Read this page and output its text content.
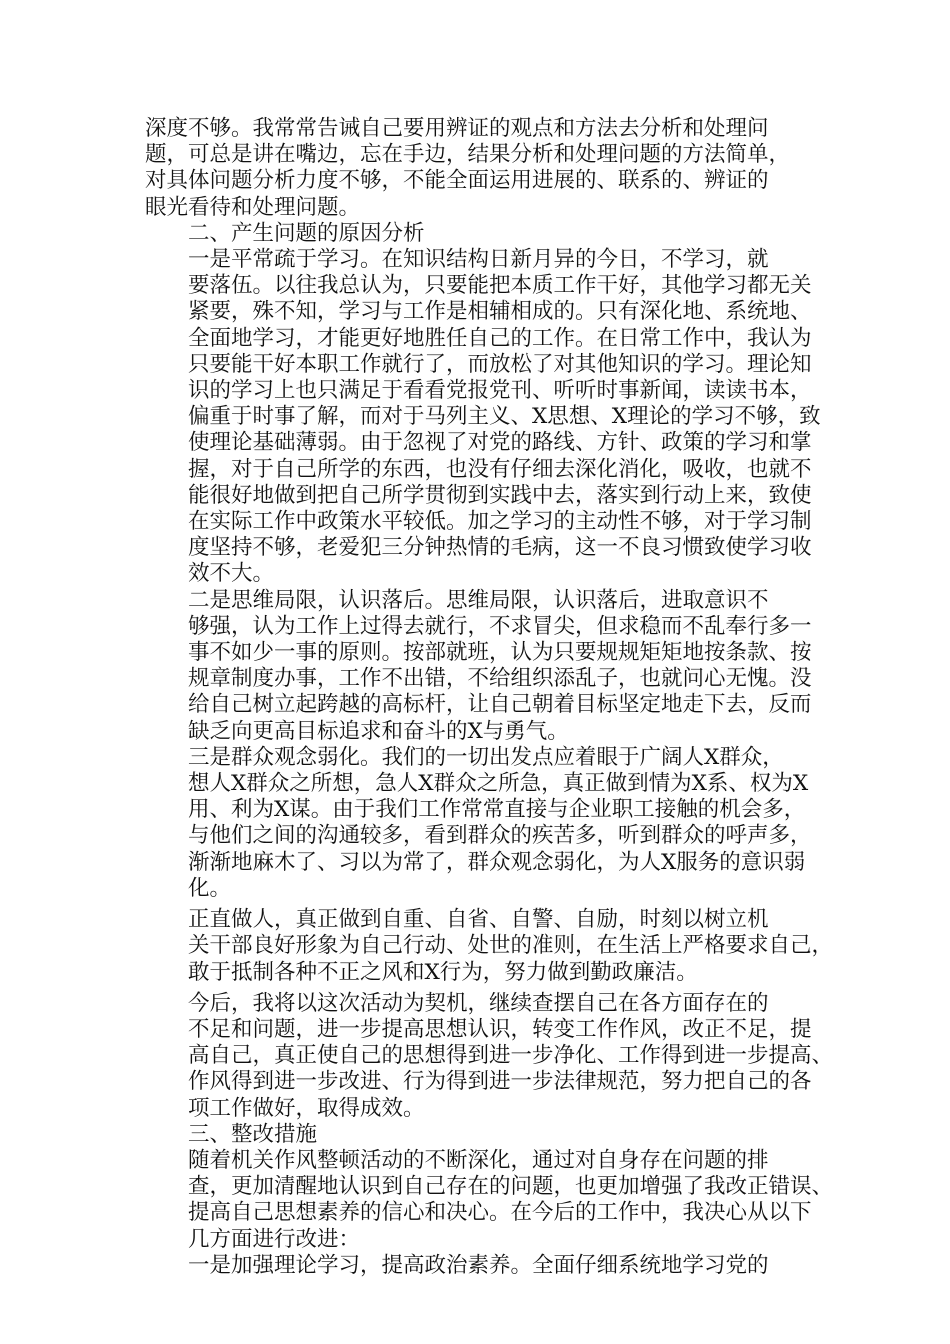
深度不够。我常常告诫自己要用辨证的观点和方法去分析和处理问
题，可总是讲在嘴边，忘在手边，结果分析和处理问题的方法简单，
对具体问题分析力度不够，不能全面运用进展的、联系的、辨证的
眼光看待和处理问题。

二、产生问题的原因分析

一是平常疏于学习。在知识结构日新月异的今日，不学习，就
要落伍。以往我总认为，只要能把本质工作干好，其他学习都无关
紧要，殊不知，学习与工作是相辅相成的。只有深化地、系统地、
全面地学习，才能更好地胜任自己的工作。在日常工作中，我认为
只要能干好本职工作就行了，而放松了对其他知识的学习。理论知
识的学习上也只满足于看看党报党刊、听听时事新闻，读读书本，
偏重于时事了解，而对于马列主义、X思想、X理论的学习不够，致
使理论基础薄弱。由于忽视了对党的路线、方针、政策的学习和掌
握，对于自己所学的东西，也没有仔细去深化消化，吸收，也就不
能很好地做到把自己所学贯彻到实践中去，落实到行动上来，致使
在实际工作中政策水平较低。加之学习的主动性不够，对于学习制
度坚持不够，老爱犯三分钟热情的毛病，这一不良习惯致使学习收
效不大。

二是思维局限，认识落后。思维局限，认识落后，进取意识不
够强，认为工作上过得去就行，不求冒尖，但求稳而不乱奉行多一
事不如少一事的原则。按部就班，认为只要规规矩矩地按条款、按
规章制度办事，工作不出错，不给组织添乱子，也就问心无愧。没
给自己树立起跨越的高标杆，让自己朝着目标坚定地走下去，反而
缺乏向更高目标追求和奋斗的X与勇气。

三是群众观念弱化。我们的一切出发点应着眼于广阔人X群众，
想人X群众之所想，急人X群众之所急，真正做到情为X系、权为X
用、利为X谋。由于我们工作常常直接与企业职工接触的机会多，
与他们之间的沟通较多，看到群众的疾苦多，听到群众的呼声多，
渐渐地麻木了、习以为常了，群众观念弱化，为人X服务的意识弱
化。

正直做人，真正做到自重、自省、自警、自励，时刻以树立机
关干部良好形象为自己行动、处世的准则，在生活上严格要求自己，
敢于抵制各种不正之风和X行为，努力做到勤政廉洁。

今后，我将以这次活动为契机，继续查摆自己在各方面存在的
不足和问题，进一步提高思想认识，转变工作作风，改正不足，提
高自己，真正使自己的思想得到进一步净化、工作得到进一步提高、
作风得到进一步改进、行为得到进一步法律规范，努力把自己的各
项工作做好，取得成效。

三、整改措施

随着机关作风整顿活动的不断深化，通过对自身存在问题的排
查，更加清醒地认识到自己存在的问题，也更加增强了我改正错误、
提高自己思想素养的信心和决心。在今后的工作中，我决心从以下
几方面进行改进：

一是加强理论学习，提高政治素养。全面仔细系统地学习党的
